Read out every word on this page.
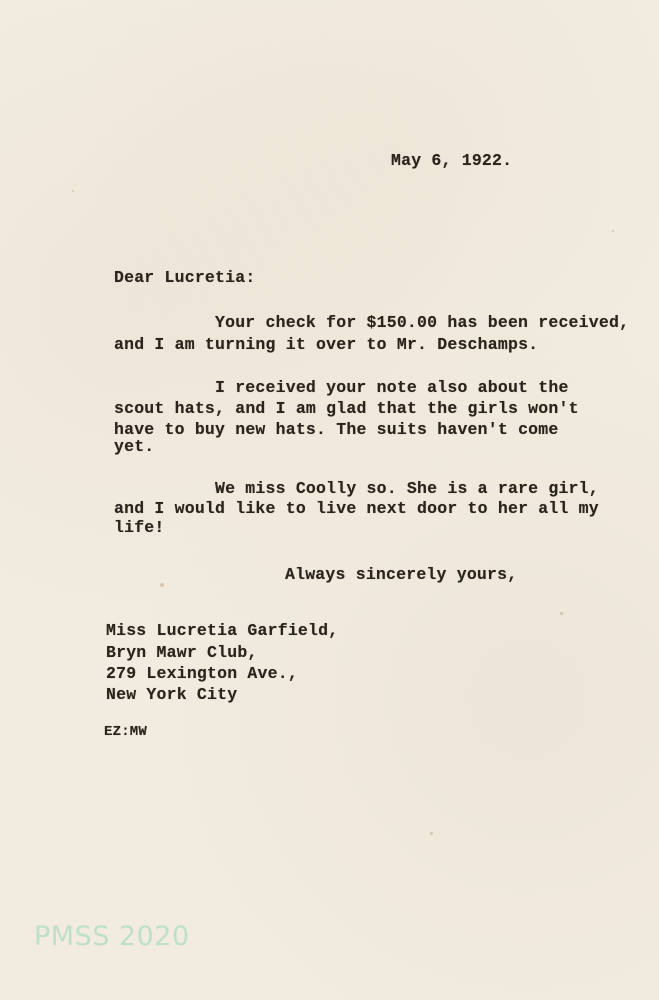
May 6, 1922.
Dear Lucretia:
Your check for $150.00 has been received,
and I am turning it over to Mr. Deschamps.
I received your note also about the
scout hats, and I am glad that the girls won't
have to buy new hats. The suits haven't come
yet.
We miss Coolly so. She is a rare girl,
and I would like to live next door to her all my
life!
Always sincerely yours,
Miss Lucretia Garfield,
Bryn Mawr Club,
279 Lexington Ave.,
New York City
EZ:MW
PMSS 2020
